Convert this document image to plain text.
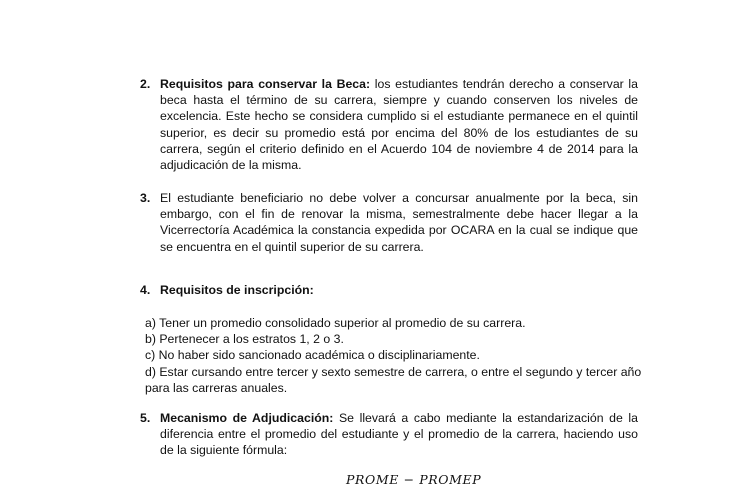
2. Requisitos para conservar la Beca: los estudiantes tendrán derecho a conservar la beca hasta el término de su carrera, siempre y cuando conserven los niveles de excelencia. Este hecho se considera cumplido si el estudiante permanece en el quintil superior, es decir su promedio está por encima del 80% de los estudiantes de su carrera, según el criterio definido en el Acuerdo 104 de noviembre 4 de 2014 para la adjudicación de la misma.
3. El estudiante beneficiario no debe volver a concursar anualmente por la beca, sin embargo, con el fin de renovar la misma, semestralmente debe hacer llegar a la Vicerrectoría Académica la constancia expedida por OCARA en la cual se indique que se encuentra en el quintil superior de su carrera.
4. Requisitos de inscripción:
a) Tener un promedio consolidado superior al promedio de su carrera.
b) Pertenecer a los estratos 1, 2 o 3.
c) No haber sido sancionado académica o disciplinariamente.
d) Estar cursando entre tercer y sexto semestre de carrera, o entre el segundo y tercer año
para las carreras anuales.
5. Mecanismo de Adjudicación: Se llevará a cabo mediante la estandarización de la diferencia entre el promedio del estudiante y el promedio de la carrera, haciendo uso de la siguiente fórmula:
PROME − PROMEP
